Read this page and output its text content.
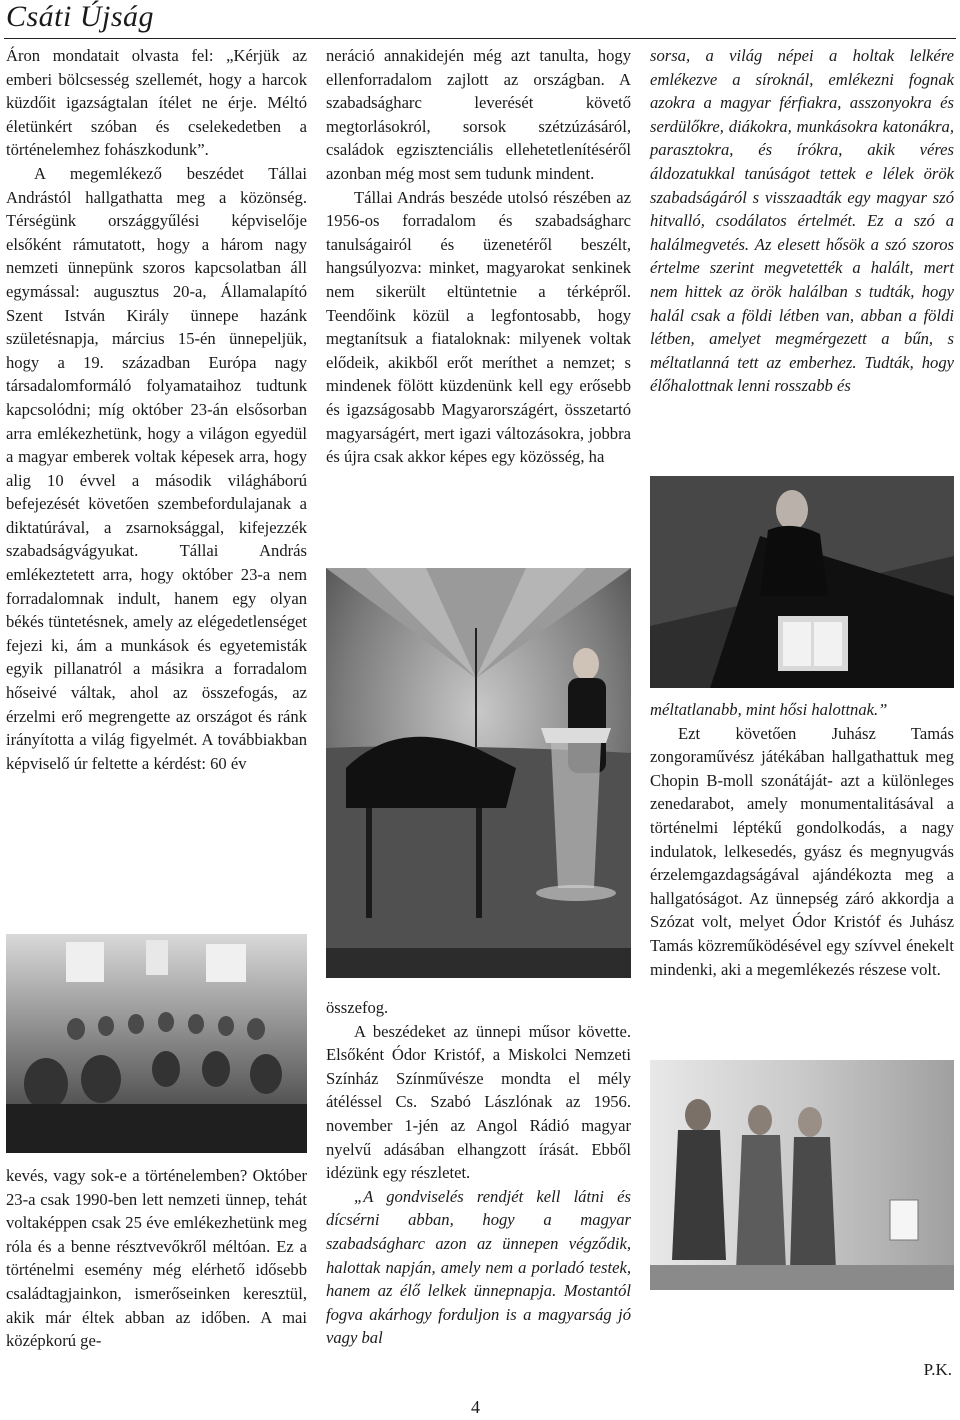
Csáti Újság

Áron mondatait olvasta fel: „Kérjük az emberi bölcsesség szellemét, hogy a harcok küzdőit igazságtalan ítélet ne érje. Méltó életünkért szóban és cselekedetben a történelemhez fohászkodunk”.

A megemlékező beszédet Tállai Andrástól hallgathatta meg a közönség. Térségünk országgyűlési képviselője elsőként rámutatott, hogy a három nagy nemzeti ünnepünk szoros kapcsolatban áll egymással: augusztus 20-a, Államalapító Szent István Király ünnepe hazánk születésnapja, március 15-én ünnepeljük, hogy a 19. században Európa nagy társadalomformáló folyamataihoz tudtunk kapcsolódni; míg október 23-án elsősorban arra emlékezhetünk, hogy a világon egyedül a magyar emberek voltak képesek arra, hogy alig 10 évvel a második világháború befejezését követően szembefordulajanak a diktatúrával, a zsarnoksággal, kifejezzék szabadságvágyukat. Tállai András emlékeztetett arra, hogy október 23-a nem forradalomnak indult, hanem egy olyan békés tüntetésnek, amely az elégedetlenséget fejezi ki, ám a munkások és egyetemisták egyik pillanatról a másikra a forradalom hőseivé váltak, ahol az összefogás, az érzelmi erő megrengette az országot és ránk irányította a világ figyelmét. A továbbiakban képviselő úr feltette a kérdést: 60 év

kevés, vagy sok-e a történelemben? Október 23-a csak 1990-ben lett nemzeti ünnep, tehát voltaképpen csak 25 éve emlékezhetünk meg róla és a benne résztvevőkről méltóan. Ez a történelmi esemény még elérhető idősebb családtagjainkon, ismerőseinken keresztül, akik már éltek abban az időben. A mai középkorú ge-

neráció annakidején még azt tanulta, hogy ellenforradalom zajlott az országban. A szabadságharc leverését követő megtorlásokról, sorsok szétzúzásáról, családok egzisztenciális ellehetetlenítéséről azonban még most sem tudunk mindent.

Tállai András beszéde utolsó részében az 1956-os forradalom és szabadságharc tanulságairól és üzenetéről beszélt, hangsúlyozva: minket, magyarokat senkinek nem sikerült eltüntetnie a térképről. Teendőink közül a legfontosabb, hogy megtanítsuk a fiataloknak: milyenek voltak elődeik, akikből erőt meríthet a nemzet; s mindenek fölött küzdenünk kell egy erősebb és igazságosabb Magyarországért, összetartó magyarságért, mert igazi változásokra, jobbra és újra csak akkor képes egy közösség, ha

összefog.

A beszédeket az ünnepi műsor követte. Elsőként Ódor Kristóf, a Miskolci Nemzeti Színház Színművésze mondta el mély átéléssel Cs. Szabó Lászlónak az 1956. november 1-jén az Angol Rádió magyar nyelvű adásában elhangzott írását. Ebből idézünk egy részletet.

„A gondviselés rendjét kell látni és dícsérni abban, hogy a magyar szabadságharc azon az ünnepen végződik, halottak napján, amely nem a porladó testek, hanem az élő lelkek ünnepnapja. Mostantól fogva akárhogy forduljon is a magyarság jó vagy bal

sorsa, a világ népei a holtak lelkére emlékezve a síroknál, emlékezni fognak azokra a magyar férfiakra, asszonyokra és serdülőkre, diákokra, munkásokra katonákra, parasztokra, és írókra, akik véres áldozatukkal tanúságot tettek e lélek örök szabadságáról s visszaadták egy magyar szó hitvalló, csodálatos értelmét. Ez a szó a halálmegvetés. Az elesett hősök a szó szoros értelme szerint megvetették a halált, mert nem hittek az örök halálban s tudták, hogy halál csak a földi létben van, abban a földi létben, amelyet megmérgezett a bűn, s méltatlanná tett az emberhez. Tudták, hogy élőhalottnak lenni rosszabb és

méltatlanabb, mint hősi halottnak.”

Ezt követően Juhász Tamás zongoraművész játékában hallgathattuk meg Chopin B-moll szonátáját- azt a különleges zenedarabot, amely monumentalitásával a történelmi léptékű gondolkodás, a nagy indulatok, lelkesedés, gyász és megnyugvás érzelemgazdagságával ajándékozta meg a hallgatóságot. Az ünnepség záró akkordja a Szózat volt, melyet Ódor Kristóf és Juhász Tamás közreműködésével egy szívvel énekelt mindenki, aki a megemlékezés részese volt.

P.K.
4
